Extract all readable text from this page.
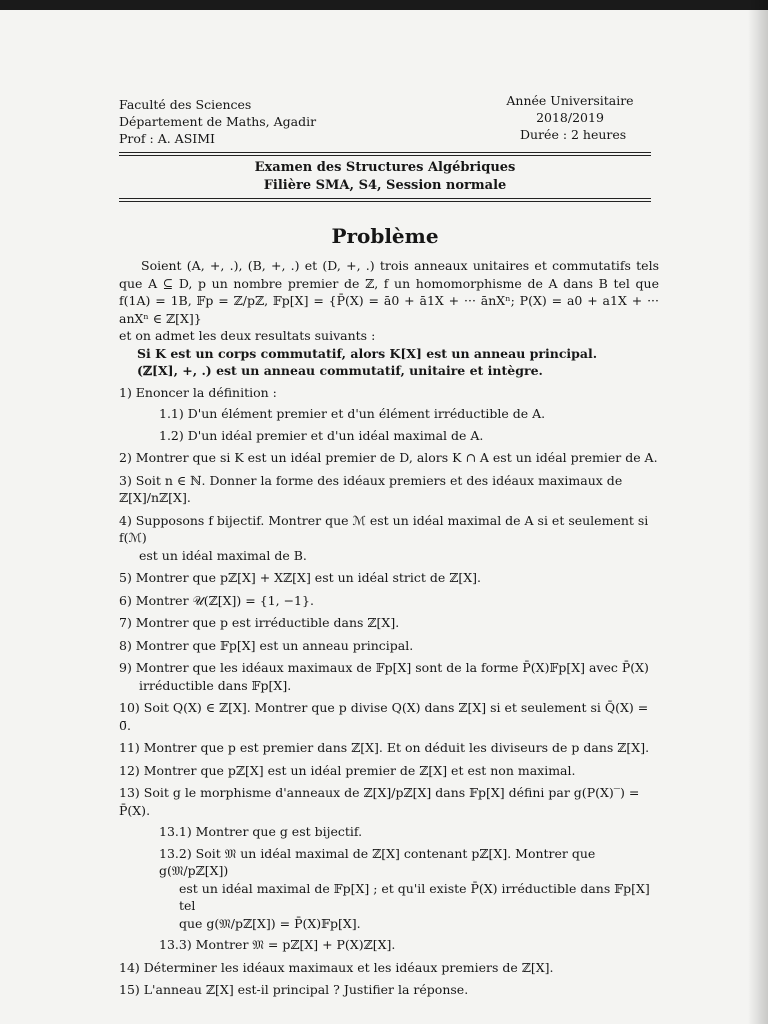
Faculté des Sciences
Département de Maths, Agadir
Prof : A. ASIMI
Année Universitaire
2018/2019
Durée : 2 heures
Examen des Structures Algébriques
Filière SMA, S4, Session normale
Problème

Soient (A, +, .), (B, +, .) et (D, +, .) trois anneaux unitaires et commutatifs tels que A ⊆ D, p un nombre premier de ℤ, f un homomorphisme de A dans B tel que f(1A) = 1B, 𝔽p = ℤ/pℤ, 𝔽p[X] = {P̄(X) = ā0 + ā1X + ··· ānXⁿ; P(X) = a0 + a1X + ··· anXⁿ ∈ ℤ[X]}

et on admet les deux resultats suivants :

Si K est un corps commutatif, alors K[X] est un anneau principal.

(ℤ[X], +, .) est un anneau commutatif, unitaire et intègre.

1) Enoncer la définition :

1.1) D'un élément premier et d'un élément irréductible de A.

1.2) D'un idéal premier et d'un idéal maximal de A.

2) Montrer que si K est un idéal premier de D, alors K ∩ A est un idéal premier de A.

3) Soit n ∈ ℕ. Donner la forme des idéaux premiers et des idéaux maximaux de ℤ[X]/nℤ[X].

4) Supposons f bijectif. Montrer que ℳ est un idéal maximal de A si et seulement si f(ℳ)

est un idéal maximal de B.

5) Montrer que pℤ[X] + Xℤ[X] est un idéal strict de ℤ[X].

6) Montrer 𝒰(ℤ[X]) = {1, −1}.

7) Montrer que p est irréductible dans ℤ[X].

8) Montrer que 𝔽p[X] est un anneau principal.

9) Montrer que les idéaux maximaux de 𝔽p[X] sont de la forme P̄(X)𝔽p[X] avec P̄(X)

irréductible dans 𝔽p[X].

10) Soit Q(X) ∈ ℤ[X]. Montrer que p divise Q(X) dans ℤ[X] si et seulement si Q̄(X) = 0̄.

11) Montrer que p est premier dans ℤ[X]. Et on déduit les diviseurs de p dans ℤ[X].

12) Montrer que pℤ[X] est un idéal premier de ℤ[X] et est non maximal.

13) Soit g le morphisme d'anneaux de ℤ[X]/pℤ[X] dans 𝔽p[X] défini par g(P(X)‾) = P̄(X).

13.1) Montrer que g est bijectif.

13.2) Soit 𝔐 un idéal maximal de ℤ[X] contenant pℤ[X]. Montrer que g(𝔐/pℤ[X])

est un idéal maximal de 𝔽p[X] ; et qu'il existe P̄(X) irréductible dans 𝔽p[X] tel

que g(𝔐/pℤ[X]) = P̄(X)𝔽p[X].

13.3) Montrer 𝔐 = pℤ[X] + P(X)ℤ[X].

14) Déterminer les idéaux maximaux et les idéaux premiers de ℤ[X].

15) L'anneau ℤ[X] est-il principal ? Justifier la réponse.
